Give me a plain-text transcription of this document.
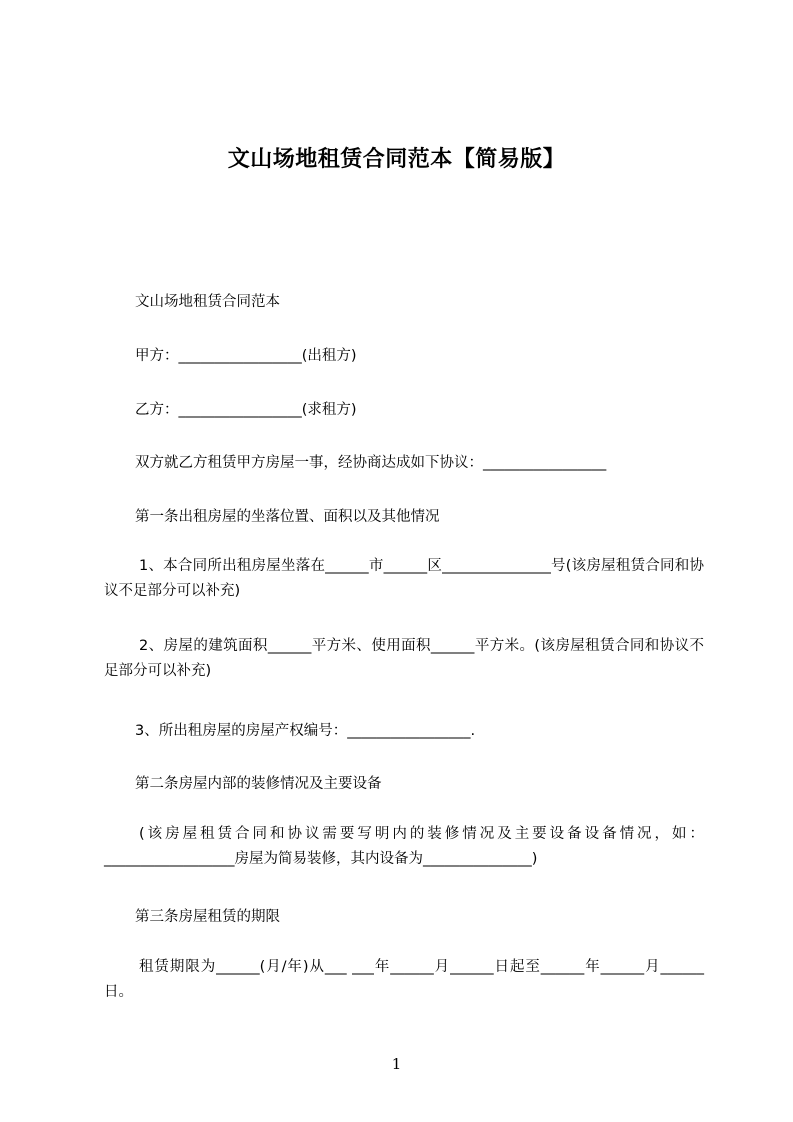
文山场地租赁合同范本【简易版】
文山场地租赁合同范本
甲方：_________________(出租方)
乙方：_________________(求租方)
双方就乙方租赁甲方房屋一事，经协商达成如下协议：_________________
第一条出租房屋的坐落位置、面积以及其他情况
1、本合同所出租房屋坐落在______市______区_______________号(该房屋租赁合同和协议不足部分可以补充)
2、房屋的建筑面积______平方米、使用面积______平方米。(该房屋租赁合同和协议不足部分可以补充)
3、所出租房屋的房屋产权编号：_________________.
第二条房屋内部的装修情况及主要设备
(该房屋租赁合同和协议需要写明内的装修情况及主要设备设备情况，如：__________________房屋为简易装修，其内设备为_______________)
第三条房屋租赁的期限
租赁期限为______(月/年)从___ ___年______月______日起至______年______月______日。
1
